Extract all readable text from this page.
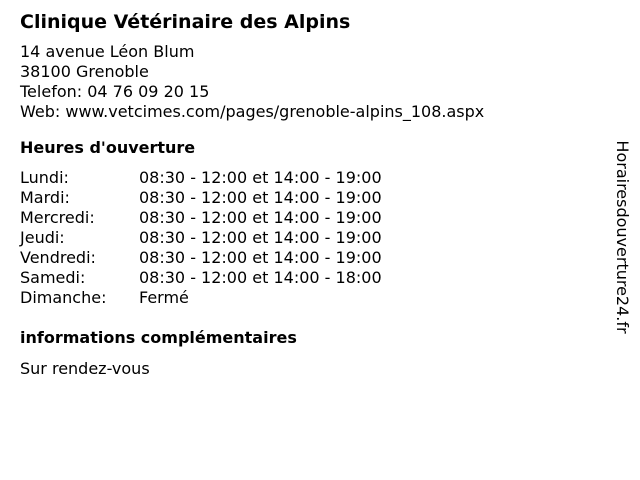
Clinique Vétérinaire des Alpins
14 avenue Léon Blum
38100 Grenoble
Telefon: 04 76 09 20 15
Web: www.vetcimes.com/pages/grenoble-alpins_108.aspx
Heures d'ouverture
Lundi:	08:30 - 12:00 et 14:00 - 19:00
Mardi:	08:30 - 12:00 et 14:00 - 19:00
Mercredi:	08:30 - 12:00 et 14:00 - 19:00
Jeudi:	08:30 - 12:00 et 14:00 - 19:00
Vendredi:	08:30 - 12:00 et 14:00 - 19:00
Samedi:	08:30 - 12:00 et 14:00 - 18:00
Dimanche:	Fermé
informations complémentaires
Sur rendez-vous
Horairesdouverture24.fr
